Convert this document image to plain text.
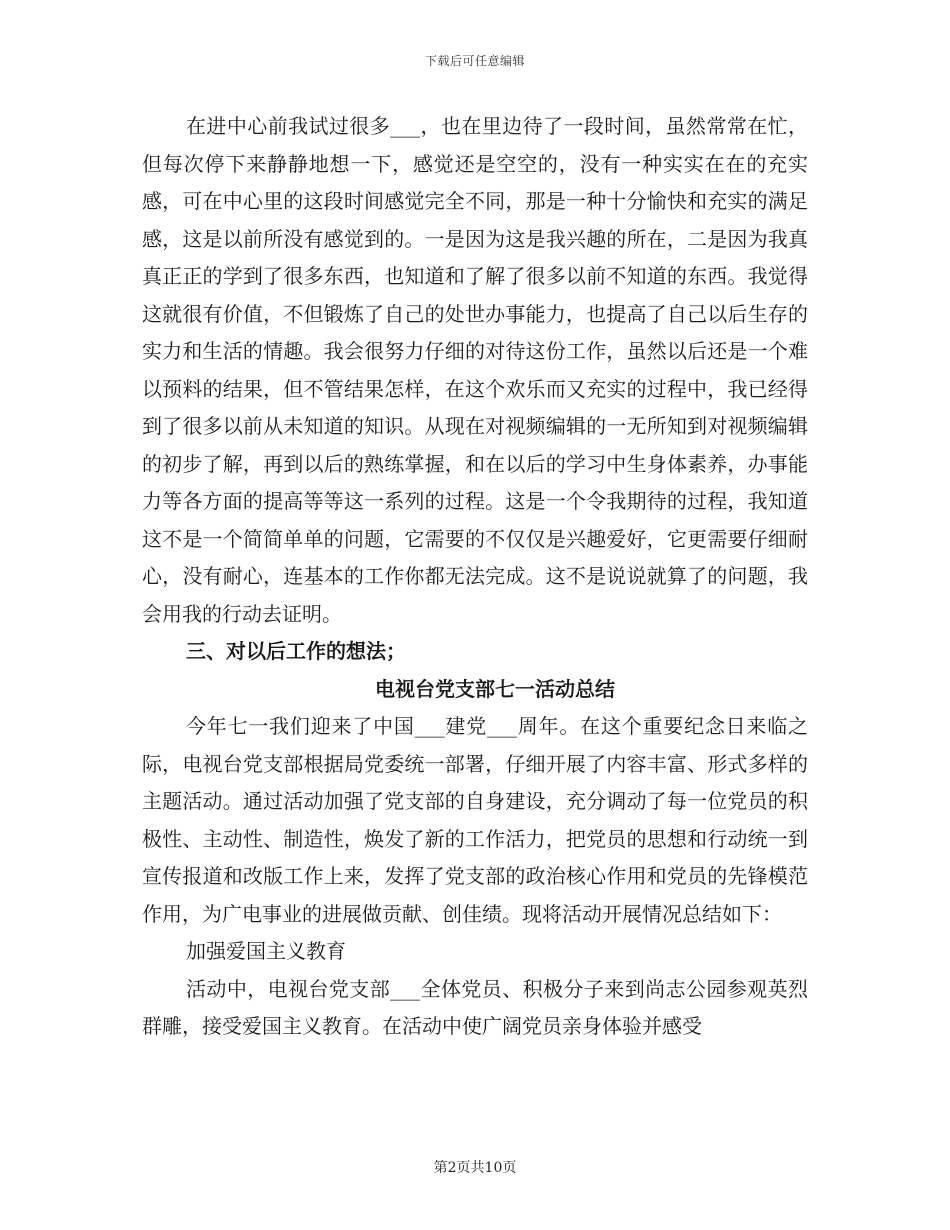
下载后可任意编辑

在进中心前我试过很多___，也在里边待了一段时间，虽然常常在忙，但每次停下来静静地想一下，感觉还是空空的，没有一种实实在在的充实感，可在中心里的这段时间感觉完全不同，那是一种十分愉快和充实的满足感，这是以前所没有感觉到的。一是因为这是我兴趣的所在，二是因为我真真正正的学到了很多东西，也知道和了解了很多以前不知道的东西。我觉得这就很有价值，不但锻炼了自己的处世办事能力，也提高了自己以后生存的实力和生活的情趣。我会很努力仔细的对待这份工作，虽然以后还是一个难以预料的结果，但不管结果怎样，在这个欢乐而又充实的过程中，我已经得到了很多以前从未知道的知识。从现在对视频编辑的一无所知到对视频编辑的初步了解，再到以后的熟练掌握，和在以后的学习中生身体素养，办事能力等各方面的提高等等这一系列的过程。这是一个令我期待的过程，我知道这不是一个简简单单的问题，它需要的不仅仅是兴趣爱好，它更需要仔细耐心，没有耐心，连基本的工作你都无法完成。这不是说说就算了的问题，我会用我的行动去证明。

三、对以后工作的想法；

电视台党支部七一活动总结

今年七一我们迎来了中国___建党___周年。在这个重要纪念日来临之际，电视台党支部根据局党委统一部署，仔细开展了内容丰富、形式多样的主题活动。通过活动加强了党支部的自身建设，充分调动了每一位党员的积极性、主动性、制造性，焕发了新的工作活力，把党员的思想和行动统一到宣传报道和改版工作上来，发挥了党支部的政治核心作用和党员的先锋模范作用，为广电事业的进展做贡献、创佳绩。现将活动开展情况总结如下：

加强爱国主义教育

活动中，电视台党支部___全体党员、积极分子来到尚志公园参观英烈群雕，接受爱国主义教育。在活动中使广阔党员亲身体验并感受

第2页共10页
